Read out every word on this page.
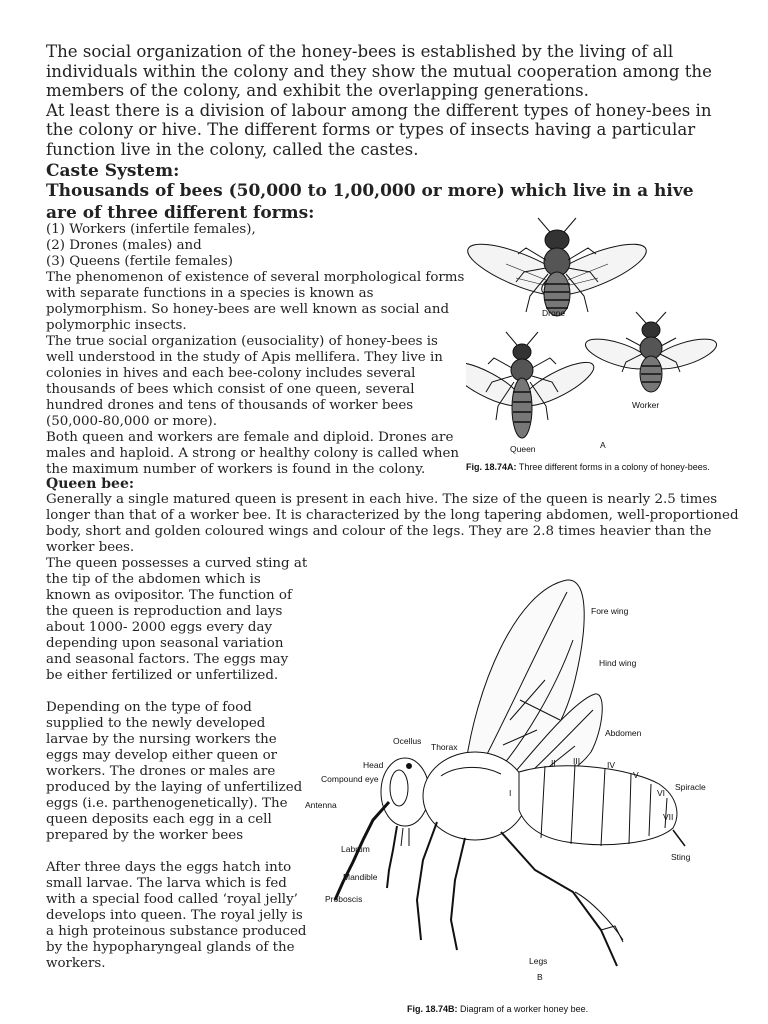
The social organization of the honey-bees is established by the living of all individuals within the colony and they show the mutual cooperation among the members of the colony, and exhibit the overlapping generations.

At least there is a division of labour among the different types of honey-bees in the colony or hive. The different forms or types of insects having a particular function live in the colony, called the castes.

Caste System:
Thousands of bees (50,000 to 1,00,000 or more) which live in a hive are of three different forms:
(1) Workers (infertile females),
(2) Drones (males) and
(3) Queens (fertile females)
The phenomenon of existence of several morphological forms with separate functions in a species is known as polymorphism. So honey-bees are well known as social and polymorphic insects.
The true social organization (eusociality) of honey-bees is well understood in the study of Apis mellifera. They live in colonies in hives and each bee-colony includes several thousands of bees which consist of one queen, several hundred drones and tens of thousands of worker bees (50,000-80,000 or more).
Both queen and workers are female and diploid. Drones are males and haploid. A strong or healthy colony is called when the maximum number of workers is found in the colony.
Drone
Queen
Worker
A
Fig. 18.74A: Three different forms in a colony of honey-bees.
Queen bee:

Generally a single matured queen is present in each hive. The size of the queen is nearly 2.5 times longer than that of a worker bee. It is characterized by the long tapering abdomen, well-proportioned body, short and golden coloured wings and colour of the legs. They are 2.8 times heavier than the worker bees.

The queen possesses a curved sting at the tip of the abdomen which is known as ovipositor. The function of the queen is reproduction and lays about 1000- 2000 eggs every day depending upon seasonal variation and seasonal factors. The eggs may be either fertilized or unfertilized.

Depending on the type of food supplied to the newly developed larvae by the nursing workers the eggs may develop either queen or workers. The drones or males are produced by the laying of unfertilized eggs (i.e. parthenogenetically). The queen deposits each egg in a cell prepared by the worker bees

After three days the eggs hatch into small larvae. The larva which is fed with a special food called ‘royal jelly’ develops into queen. The royal jelly is a high proteinous substance produced by the hypopharyngeal glands of the workers.

Fore wing
Hind wing
Abdomen
Ocellus
Thorax
Head
Compound eye
Antenna
Labrum
Mandible
Proboscis
Spiracle
Sting
Legs
I
II III	IV
V
VI
VII
B
Fig. 18.74B: Diagram of a worker honey bee.
